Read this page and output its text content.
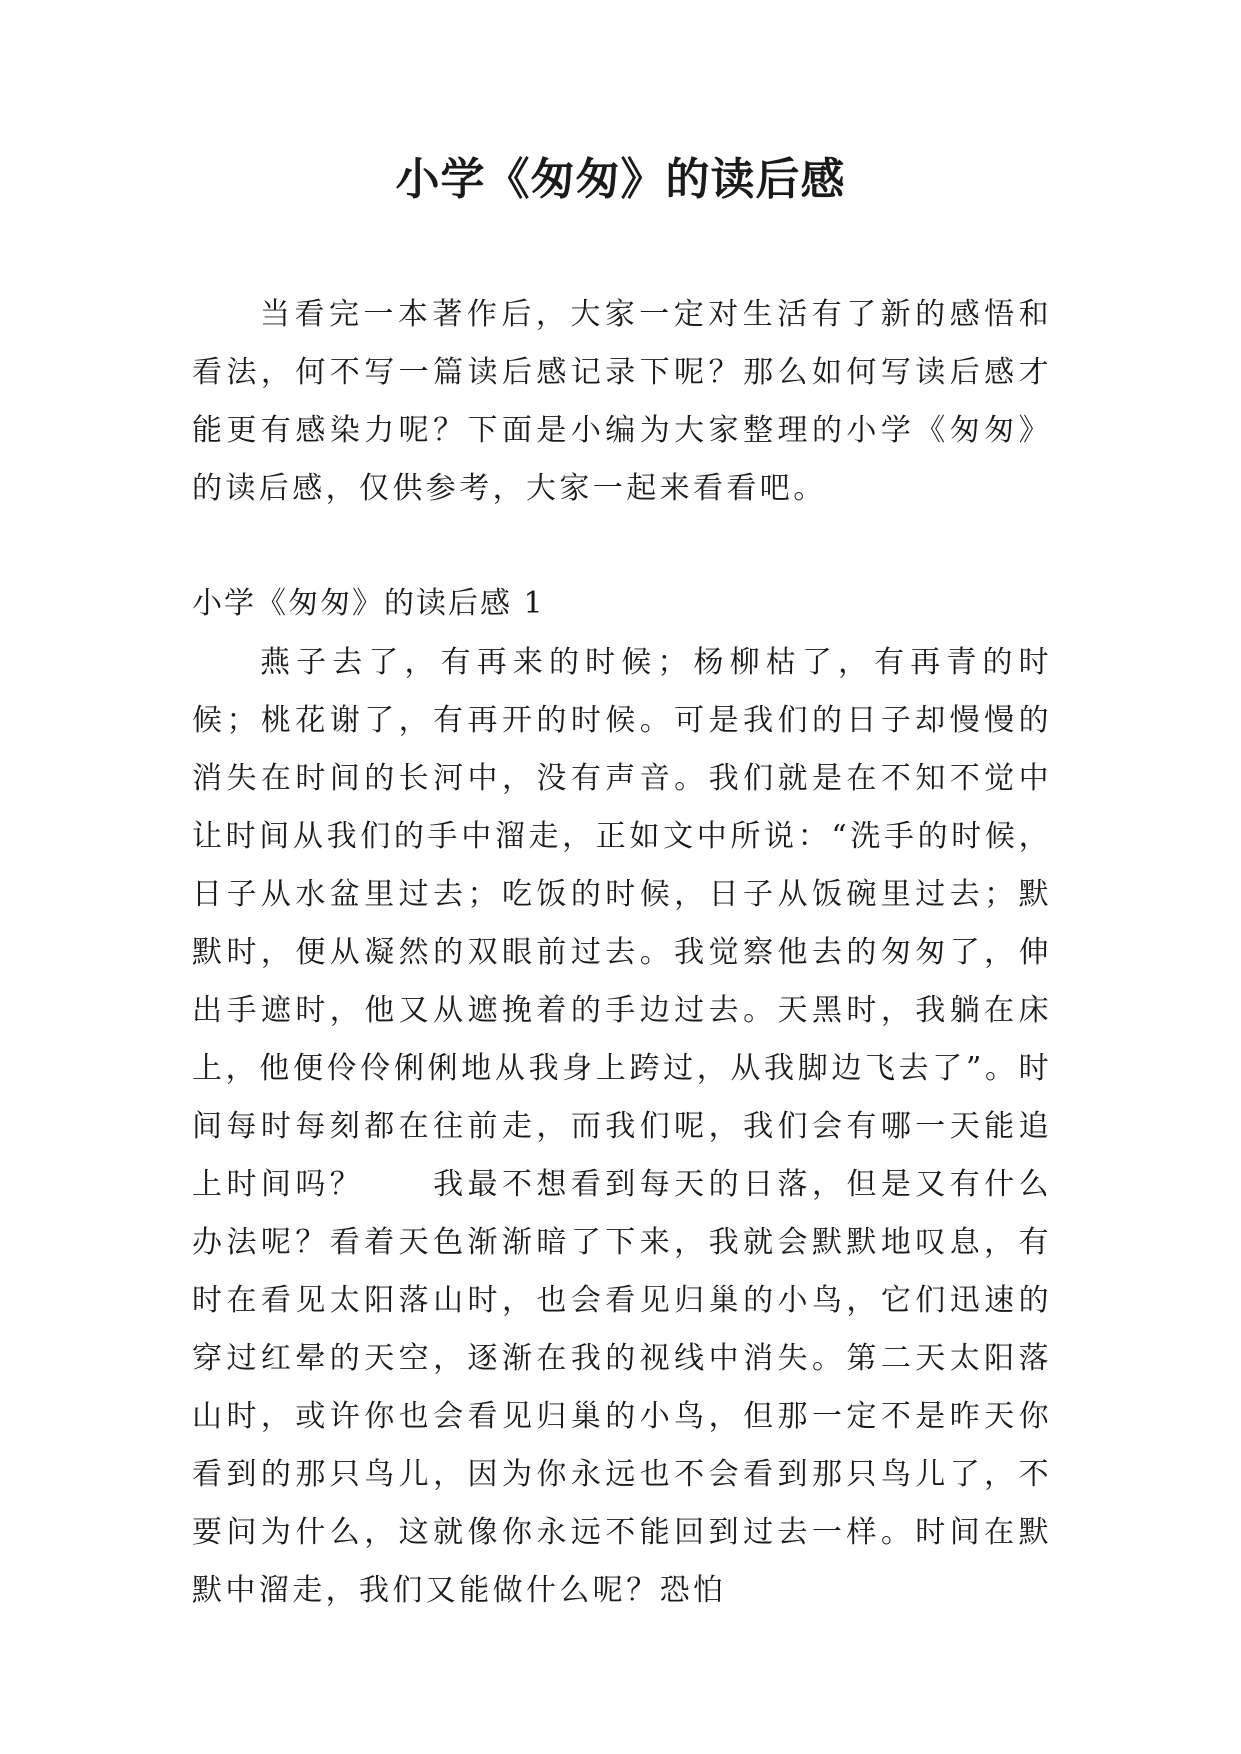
小学《匆匆》的读后感

当看完一本著作后，大家一定对生活有了新的感悟和看法，何不写一篇读后感记录下呢？那么如何写读后感才能更有感染力呢？下面是小编为大家整理的小学《匆匆》的读后感，仅供参考，大家一起来看看吧。

小学《匆匆》的读后感 1

燕子去了，有再来的时候；杨柳枯了，有再青的时候；桃花谢了，有再开的时候。可是我们的日子却慢慢的消失在时间的长河中，没有声音。我们就是在不知不觉中让时间从我们的手中溜走，正如文中所说：“洗手的时候，日子从水盆里过去；吃饭的时候，日子从饭碗里过去；默默时，便从凝然的双眼前过去。我觉察他去的匆匆了，伸出手遮时，他又从遮挽着的手边过去。天黑时，我躺在床上，他便伶伶俐俐地从我身上跨过，从我脚边飞去了”。时间每时每刻都在往前走，而我们呢，我们会有哪一天能追上时间吗？　　我最不想看到每天的日落，但是又有什么办法呢？看着天色渐渐暗了下来，我就会默默地叹息，有时在看见太阳落山时，也会看见归巢的小鸟，它们迅速的穿过红晕的天空，逐渐在我的视线中消失。第二天太阳落山时，或许你也会看见归巢的小鸟，但那一定不是昨天你看到的那只鸟儿，因为你永远也不会看到那只鸟儿了，不要问为什么，这就像你永远不能回到过去一样。时间在默默中溜走，我们又能做什么呢？恐怕
